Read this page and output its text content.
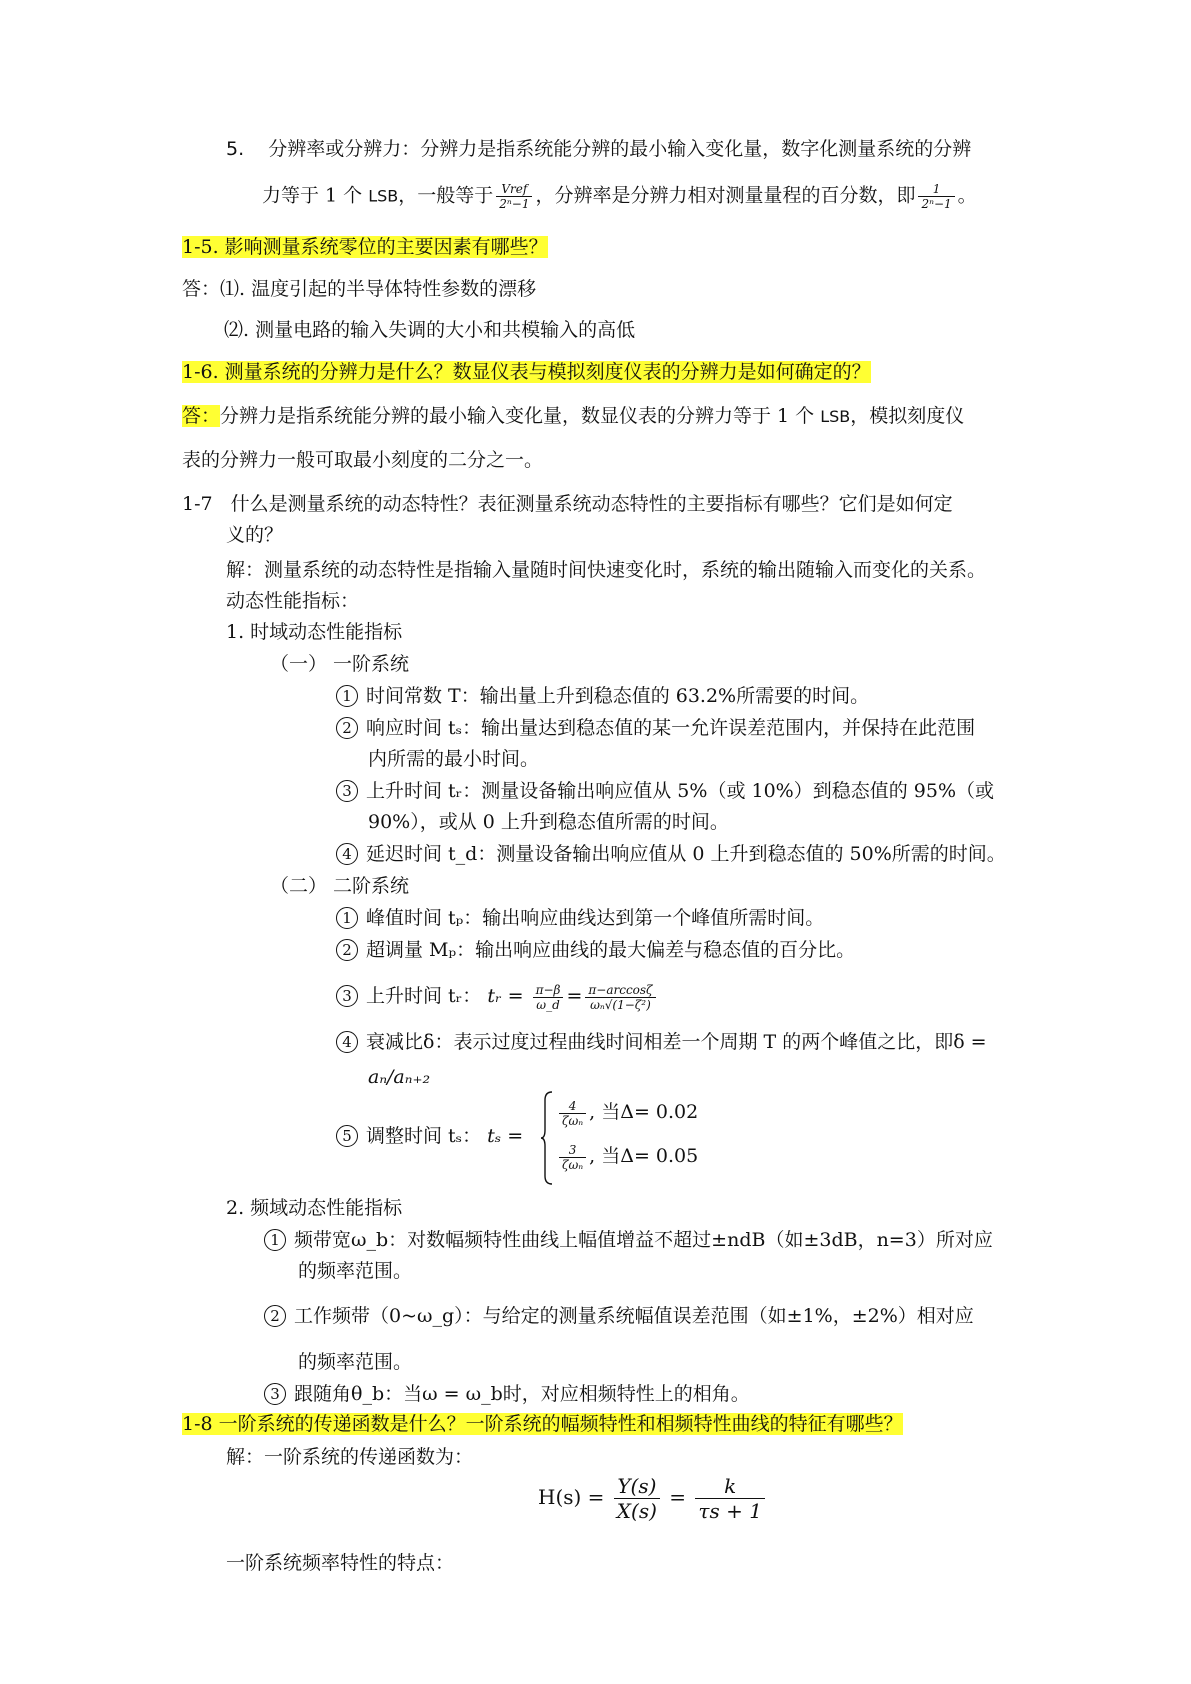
5. 分辨率或分辨力：分辨力是指系统能分辨的最小输入变化量，数字化测量系统的分辨
力等于 1 个 LSB，一般等于 $\frac{\text{Vref}}{\text{2ⁿ−1}}$ ，分辨率是分辨力相对测量量程的百分数，即 $\frac{1}{\text{2ⁿ−1}}$ 。
1-5. 影响测量系统零位的主要因素有哪些？
答：⑴. 温度引起的半导体特性参数的漂移
⑵. 测量电路的输入失调的大小和共模输入的高低
1-6. 测量系统的分辨力是什么？数显仪表与模拟刻度仪表的分辨力是如何确定的？
答：分辨力是指系统能分辨的最小输入变化量，数显仪表的分辨力等于 1 个 LSB，模拟刻度仪
表的分辨力一般可取最小刻度的二分之一。
1-7 什么是测量系统的动态特性？表征测量系统动态特性的主要指标有哪些？它们是如何定
义的？
解：测量系统的动态特性是指输入量随时间快速变化时，系统的输出随输入而变化的关系。
动态性能指标：
1. 时域动态性能指标
（一） 一阶系统
1 时间常数 T：输出量上升到稳态值的 63.2%所需要的时间。
2 响应时间 tₛ：输出量达到稳态值的某一允许误差范围内，并保持在此范围
内所需的最小时间。
3 上升时间 tᵣ：测量设备输出响应值从 5%（或 10%）到稳态值的 95%（或
90%），或从 0 上升到稳态值所需的时间。
4 延迟时间 t_d：测量设备输出响应值从 0 上升到稳态值的 50%所需的时间。
（二） 二阶系统
1 峰值时间 tₚ：输出响应曲线达到第一个峰值所需时间。
2 超调量 Mₚ：输出响应曲线的最大偏差与稳态值的百分比。
3 上升时间 tᵣ： tᵣ = $\frac{\pi-\beta}{\omega\_d} = \frac{\pi-\arccos\zeta}{\text{ωₙ√(1−ζ²)}}$
4 衰减比δ：表示过度过程曲线时间相差一个周期 T 的两个峰值之比，即δ =
aₙ/aₙ₊₂
5 调整时间 tₛ： tₛ =
$\frac{4}{\text{ζωₙ}}$ , 当Δ= 0.02
$\frac{3}{\text{ζωₙ}}$ , 当Δ= 0.05
2. 频域动态性能指标
1 频带宽ω_b：对数幅频特性曲线上幅值增益不超过±ndB（如±3dB，n=3）所对应
的频率范围。
2 工作频带（0~ω_g）：与给定的测量系统幅值误差范围（如±1%，±2%）相对应
的频率范围。
3 跟随角θ_b：当ω = ω_b时，对应相频特性上的相角。
1-8 一阶系统的传递函数是什么？一阶系统的幅频特性和相频特性曲线的特征有哪些？
解：一阶系统的传递函数为：
$H(s) = \frac{Y(s)}{X(s)} = \frac{k}{\tau s + 1}$
一阶系统频率特性的特点：
